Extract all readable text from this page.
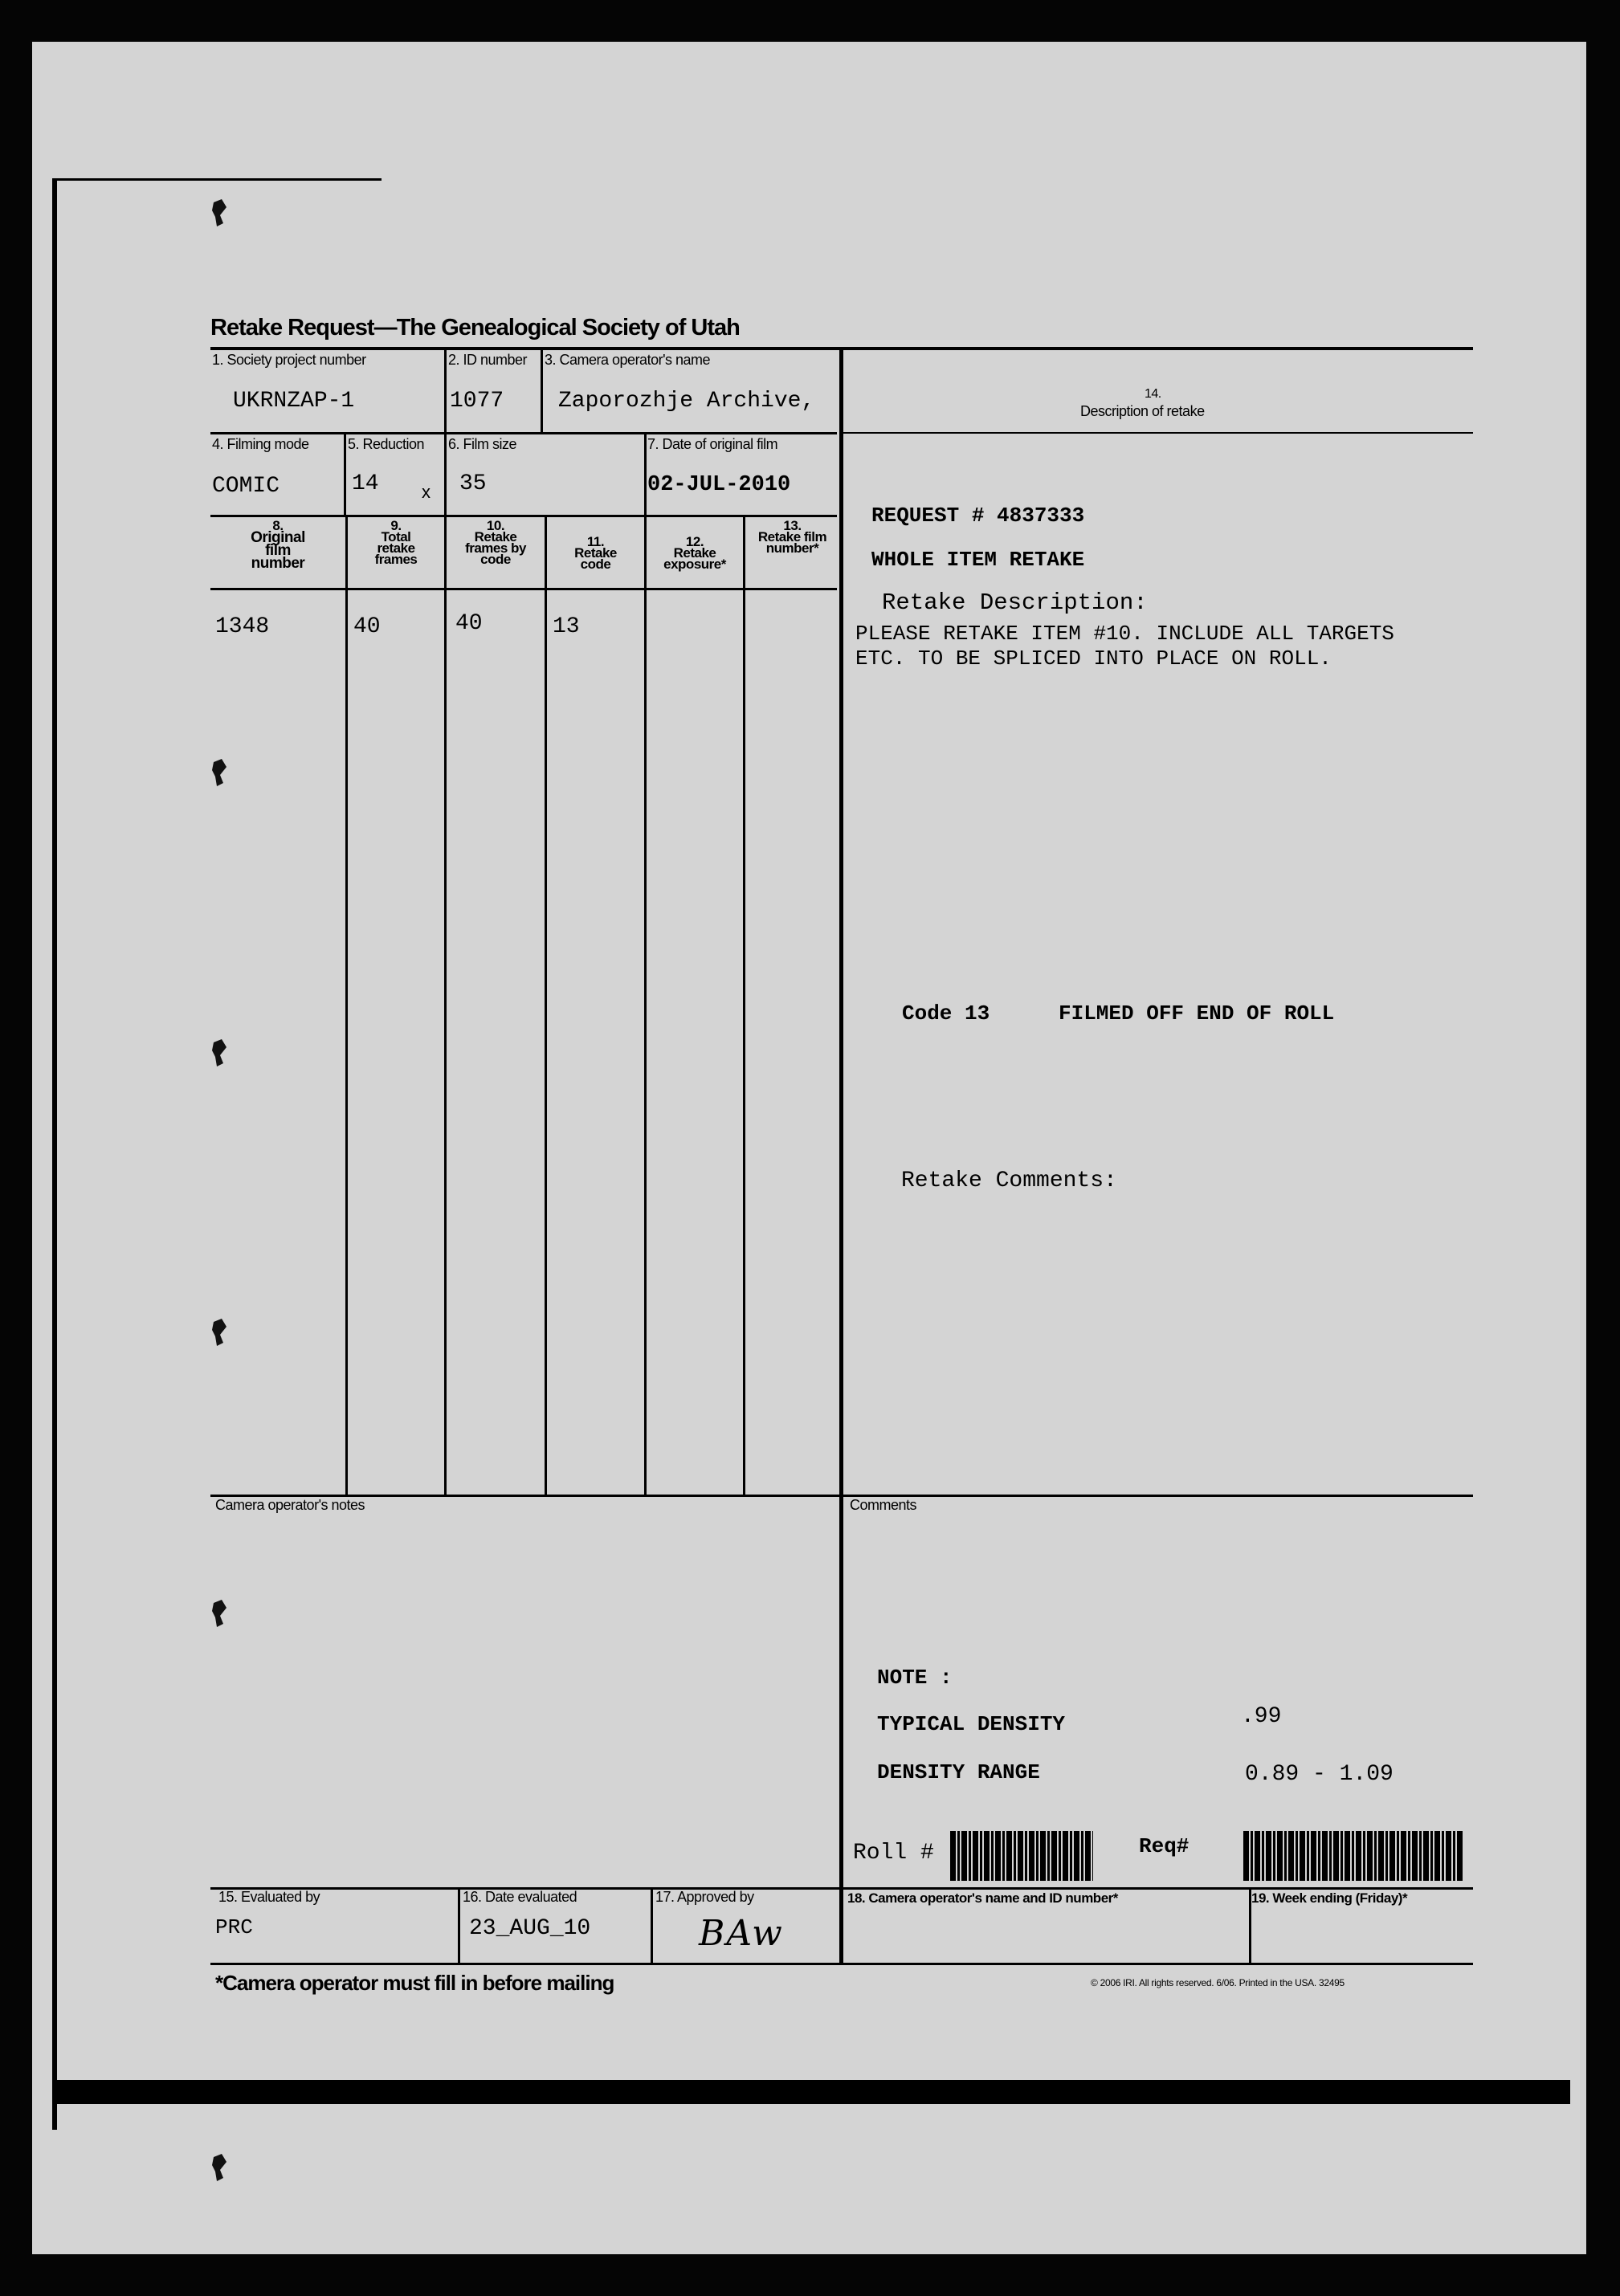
Retake Request—The Genealogical Society of Utah
1. Society project number
UKRNZAP-1
2. ID number
1077
3. Camera operator's name
Zaporozhje Archive,	14.
Description of retake
4. Filming mode
COMIC
5. Reduction
14 x
6. Film size
35
7. Date of original film
02-JUL-2010
8.
Original film number
9.
Total retake frames
10.
Retake frames by code
11.
Retake code
12.
Retake exposure*
13.
Retake film number*
1348	40	40	13
REQUEST # 4837333
WHOLE ITEM RETAKE
Retake Description:
PLEASE RETAKE ITEM #10. INCLUDE ALL TARGETS
ETC. TO BE SPLICED INTO PLACE ON ROLL.
Code 13	FILMED OFF END OF ROLL
Retake Comments:
Camera operator's notes	Comments
NOTE :
TYPICAL DENSITY	.99
DENSITY RANGE	0.89 - 1.09
Roll #	Req#
15. Evaluated by
PRC
16. Date evaluated
23_AUG_10
17. Approved by
BAw
18. Camera operator's name and ID number*	19. Week ending (Friday)*
*Camera operator must fill in before mailing	© 2006 IRI. All rights reserved. 6/06. Printed in the USA. 32495
